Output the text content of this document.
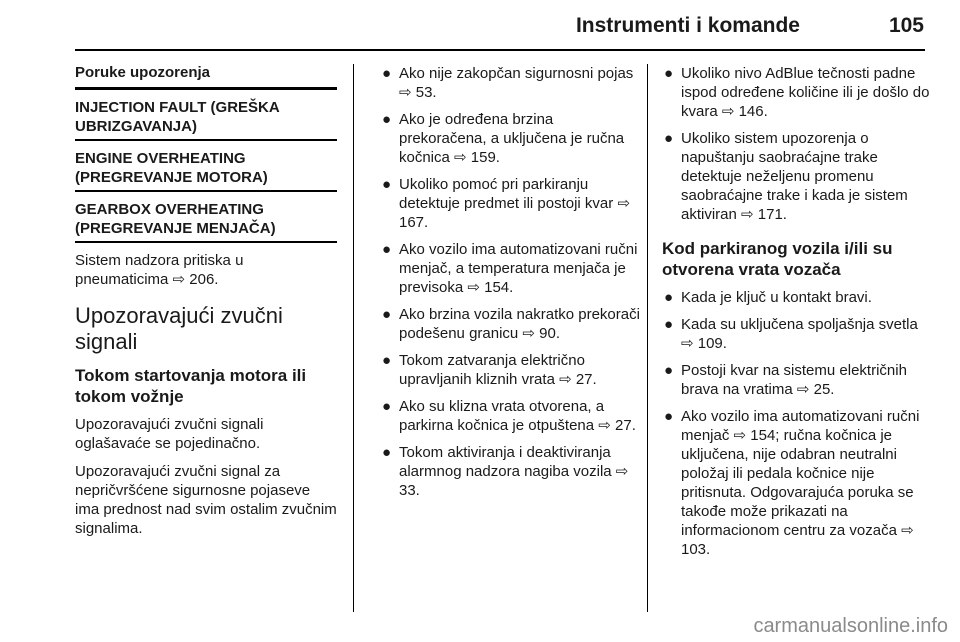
Instrumenti i komande	105
Poruke upozorenja
INJECTION FAULT (GREŠKA UBRIZGAVANJA)
ENGINE OVERHEATING (PREGREVANJE MOTORA)
GEARBOX OVERHEATING (PREGREVANJE MENJAČA)

Sistem nadzora pritiska u pneumaticima ⇨ 206.

Upozoravajući zvučni signali
Tokom startovanja motora ili tokom vožnje

Upozoravajući zvučni signali oglašavaće se pojedinačno.

Upozoravajući zvučni signal za nepričvršćene sigurnosne pojaseve ima prednost nad svim ostalim zvučnim signalima.

● Ako nije zakopčan sigurnosni pojas ⇨ 53.
● Ako je određena brzina prekoračena, a uključena je ručna kočnica ⇨ 159.
● Ukoliko pomoć pri parkiranju detektuje predmet ili postoji kvar ⇨ 167.
● Ako vozilo ima automatizovani ručni menjač, a temperatura menjača je previsoka ⇨ 154.
● Ako brzina vozila nakratko prekorači podešenu granicu ⇨ 90.
● Tokom zatvaranja električno upravljanih kliznih vrata ⇨ 27.
● Ako su klizna vrata otvorena, a parkirna kočnica je otpuštena ⇨ 27.
● Tokom aktiviranja i deaktiviranja alarmnog nadzora nagiba vozila ⇨ 33.
● Ukoliko nivo AdBlue tečnosti padne ispod određene količine ili je došlo do kvara ⇨ 146.
● Ukoliko sistem upozorenja o napuštanju saobraćajne trake detektuje neželjenu promenu saobraćajne trake i kada je sistem aktiviran ⇨ 171.
Kod parkiranog vozila i/ili su otvorena vrata vozača
● Kada je ključ u kontakt bravi.
● Kada su uključena spoljašnja svetla ⇨ 109.
● Postoji kvar na sistemu električnih brava na vratima ⇨ 25.
● Ako vozilo ima automatizovani ručni menjač ⇨ 154; ručna kočnica je uključena, nije odabran neutralni položaj ili pedala kočnice nije pritisnuta. Odgovarajuća poruka se takođe može prikazati na informacionom centru za vozača ⇨ 103.
carmanualsonline.info
